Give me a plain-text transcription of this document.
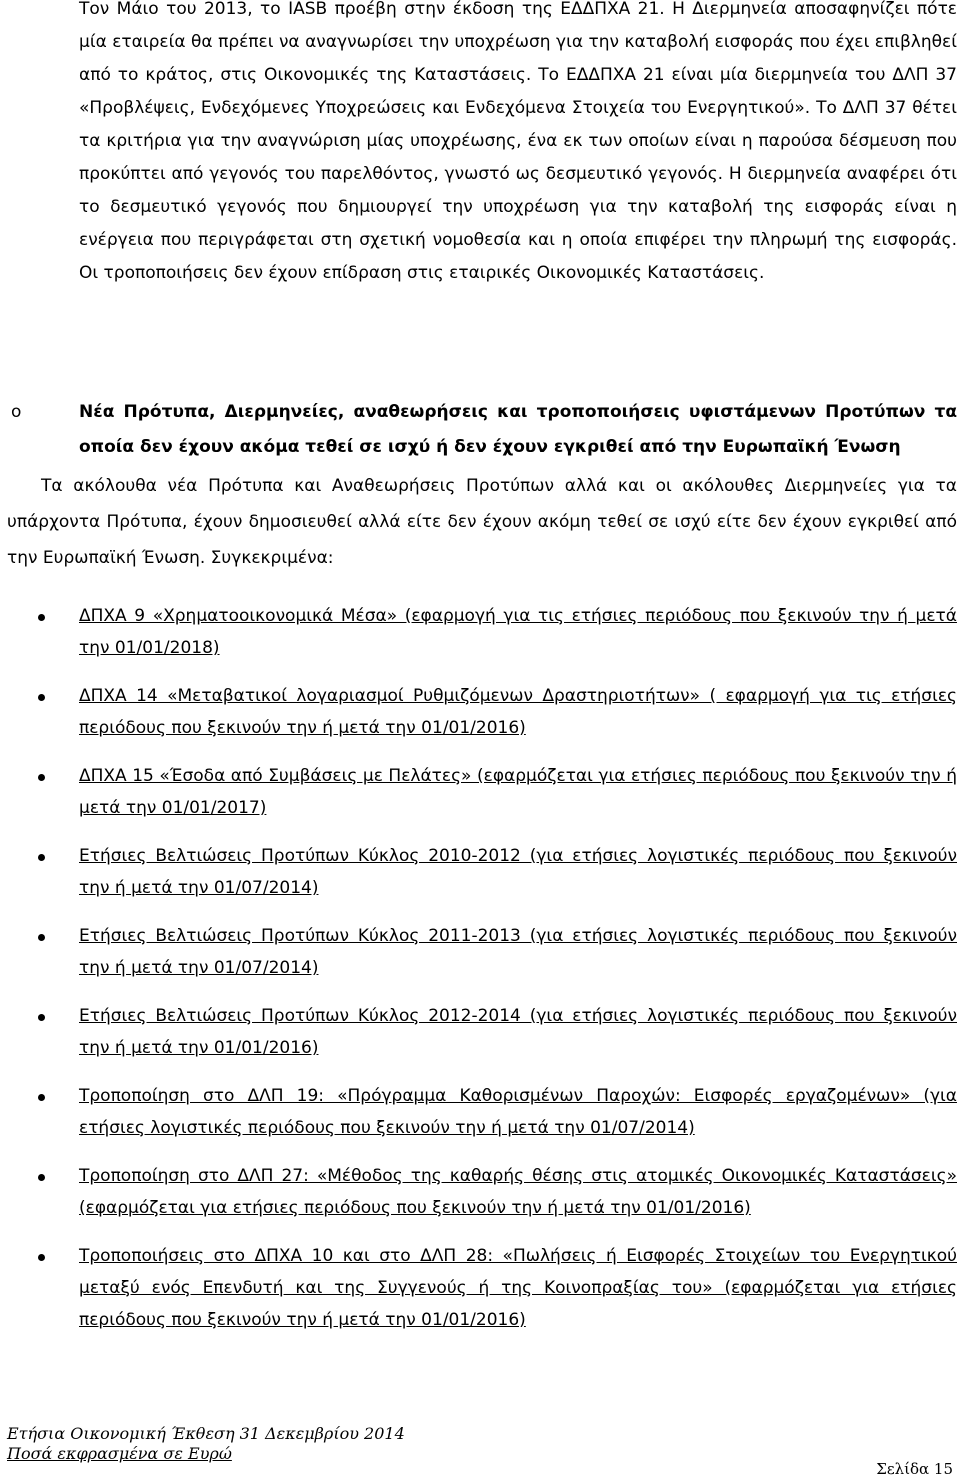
Τον Μάιο του 2013, το IASB προέβη στην έκδοση της ΕΔΔΠΧΑ 21. Η Διερμηνεία αποσαφηνίζει πότε μία εταιρεία θα πρέπει να αναγνωρίσει την υποχρέωση για την καταβολή εισφοράς που έχει επιβληθεί από το κράτος, στις Οικονομικές της Καταστάσεις. Το ΕΔΔΠΧΑ 21 είναι μία διερμηνεία του ΔΛΠ 37 «Προβλέψεις, Ενδεχόμενες Υποχρεώσεις και Ενδεχόμενα Στοιχεία του Ενεργητικού». Το ΔΛΠ 37 θέτει τα κριτήρια για την αναγνώριση μίας υποχρέωσης, ένα εκ των οποίων είναι η παρούσα δέσμευση που προκύπτει από γεγονός του παρελθόντος, γνωστό ως δεσμευτικό γεγονός. Η διερμηνεία αναφέρει ότι το δεσμευτικό γεγονός που δημιουργεί την υποχρέωση για την καταβολή της εισφοράς είναι η ενέργεια που περιγράφεται στη σχετική νομοθεσία και η οποία επιφέρει την πληρωμή της εισφοράς. Οι τροποποιήσεις δεν έχουν επίδραση στις εταιρικές Οικονομικές Καταστάσεις.

o	Νέα Πρότυπα, Διερμηνείες, αναθεωρήσεις και τροποποιήσεις υφιστάμενων Προτύπων τα οποία δεν έχουν ακόμα τεθεί σε ισχύ ή δεν έχουν εγκριθεί από την Ευρωπαϊκή Ένωση

Τα ακόλουθα νέα Πρότυπα και Αναθεωρήσεις Προτύπων αλλά και οι ακόλουθες Διερμηνείες για τα υπάρχοντα Πρότυπα, έχουν δημοσιευθεί αλλά είτε δεν έχουν ακόμη τεθεί σε ισχύ είτε δεν έχουν εγκριθεί από την Ευρωπαϊκή Ένωση. Συγκεκριμένα:

ΔΠΧΑ 9 «Χρηματοοικονομικά Μέσα» (εφαρμογή για τις ετήσιες περιόδους που ξεκινούν την ή μετά την 01/01/2018)
ΔΠΧΑ 14 «Μεταβατικοί λογαριασμοί Ρυθμιζόμενων Δραστηριοτήτων» ( εφαρμογή για τις ετήσιες περιόδους που ξεκινούν την ή μετά την 01/01/2016)
ΔΠΧΑ 15 «Έσοδα από Συμβάσεις με Πελάτες» (εφαρμόζεται για ετήσιες περιόδους που ξεκινούν την ή μετά την 01/01/2017)
Ετήσιες Βελτιώσεις Προτύπων Κύκλος 2010-2012 (για ετήσιες λογιστικές περιόδους που ξεκινούν την ή μετά την 01/07/2014)
Ετήσιες Βελτιώσεις Προτύπων Κύκλος 2011-2013 (για ετήσιες λογιστικές περιόδους που ξεκινούν την ή μετά την 01/07/2014)
Ετήσιες Βελτιώσεις Προτύπων Κύκλος 2012-2014 (για ετήσιες λογιστικές περιόδους που ξεκινούν την ή μετά την 01/01/2016)
Τροποποίηση στο ΔΛΠ 19: «Πρόγραμμα Καθορισμένων Παροχών: Εισφορές εργαζομένων» (για ετήσιες λογιστικές περιόδους που ξεκινούν την ή μετά την 01/07/2014)
Τροποποίηση στο ΔΛΠ 27: «Μέθοδος της καθαρής θέσης στις ατομικές Οικονομικές Καταστάσεις» (εφαρμόζεται για ετήσιες περιόδους που ξεκινούν την ή μετά την 01/01/2016)
Τροποποιήσεις στο ΔΠΧΑ 10 και στο ΔΛΠ 28: «Πωλήσεις ή Εισφορές Στοιχείων του Ενεργητικού μεταξύ ενός Επενδυτή και της Συγγενούς ή της Κοινοπραξίας του» (εφαρμόζεται για ετήσιες περιόδους που ξεκινούν την ή μετά την 01/01/2016)
Ετήσια Οικονομική Έκθεση 31 Δεκεμβρίου 2014
Ποσά εκφρασμένα σε Ευρώ
Σελίδα 15
